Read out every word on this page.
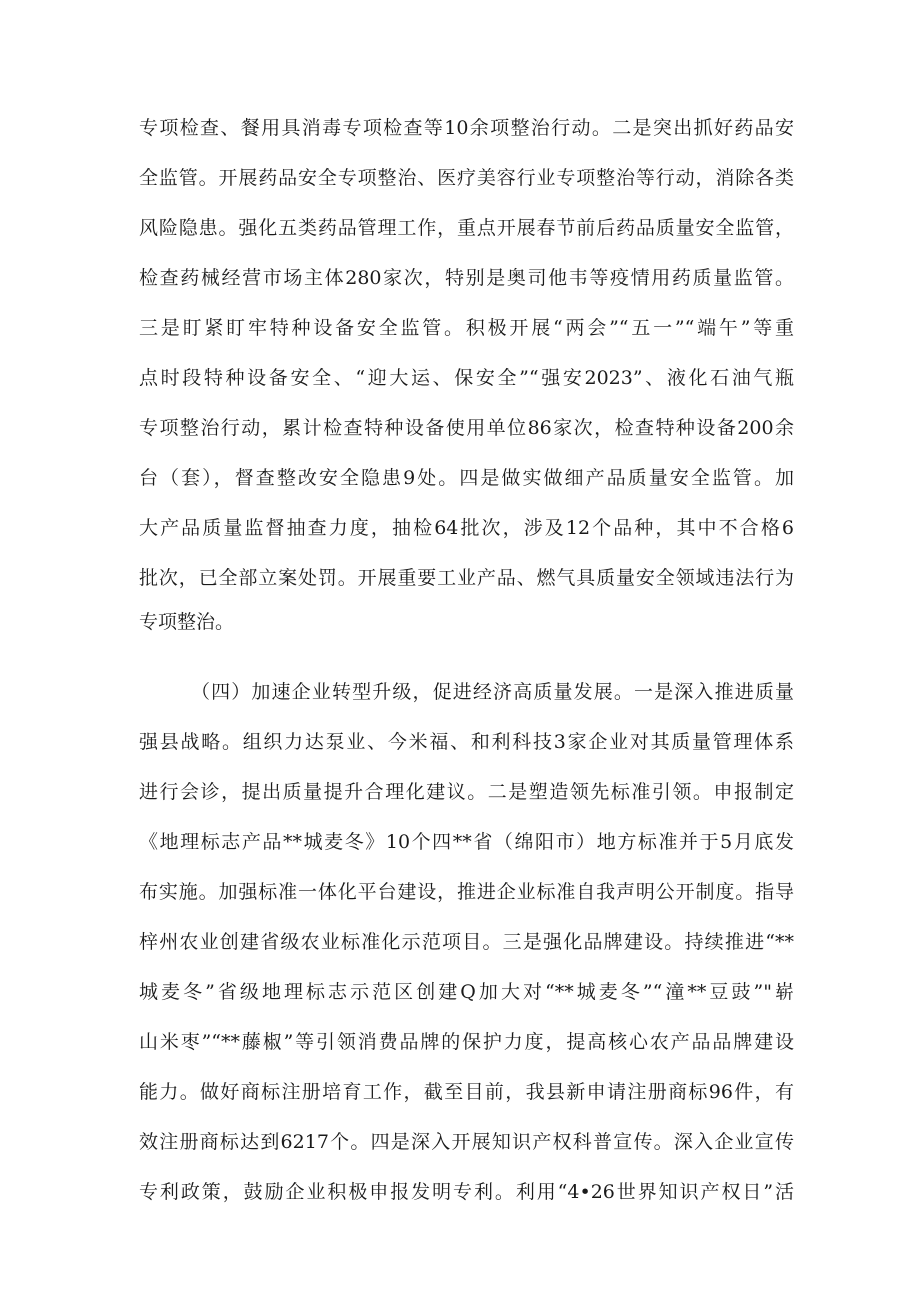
专项检查、餐用具消毒专项检查等10余项整治行动。二是突出抓好药品安
全监管。开展药品安全专项整治、医疗美容行业专项整治等行动，消除各类
风险隐患。强化五类药品管理工作，重点开展春节前后药品质量安全监管，
检查药械经营市场主体280家次，特别是奥司他韦等疫情用药质量监管。
三是盯紧盯牢特种设备安全监管。积极开展“两会”“五一”“端午”等重
点时段特种设备安全、“迎大运、保安全”“强安2023”、液化石油气瓶
专项整治行动，累计检查特种设备使用单位86家次，检查特种设备200余
台（套），督查整改安全隐患9处。四是做实做细产品质量安全监管。加
大产品质量监督抽查力度，抽检64批次，涉及12个品种，其中不合格6
批次，已全部立案处罚。开展重要工业产品、燃气具质量安全领域违法行为
专项整治。
（四）加速企业转型升级，促进经济高质量发展。一是深入推进质量
强县战略。组织力达泵业、今米福、和利科技3家企业对其质量管理体系
进行会诊，提出质量提升合理化建议。二是塑造领先标准引领。申报制定
《地理标志产品**城麦冬》10个四**省（绵阳市）地方标准并于5月底发
布实施。加强标准一体化平台建设，推进企业标准自我声明公开制度。指导
梓州农业创建省级农业标准化示范项目。三是强化品牌建设。持续推进“**
城麦冬”省级地理标志示范区创建Q加大对“**城麦冬”“潼**豆豉”"崭
山米枣”“**藤椒”等引领消费品牌的保护力度，提高核心农产品品牌建设
能力。做好商标注册培育工作，截至目前，我县新申请注册商标96件，有
效注册商标达到6217个。四是深入开展知识产权科普宣传。深入企业宣传
专利政策，鼓励企业积极申报发明专利。利用“4•26世界知识产权日”活
